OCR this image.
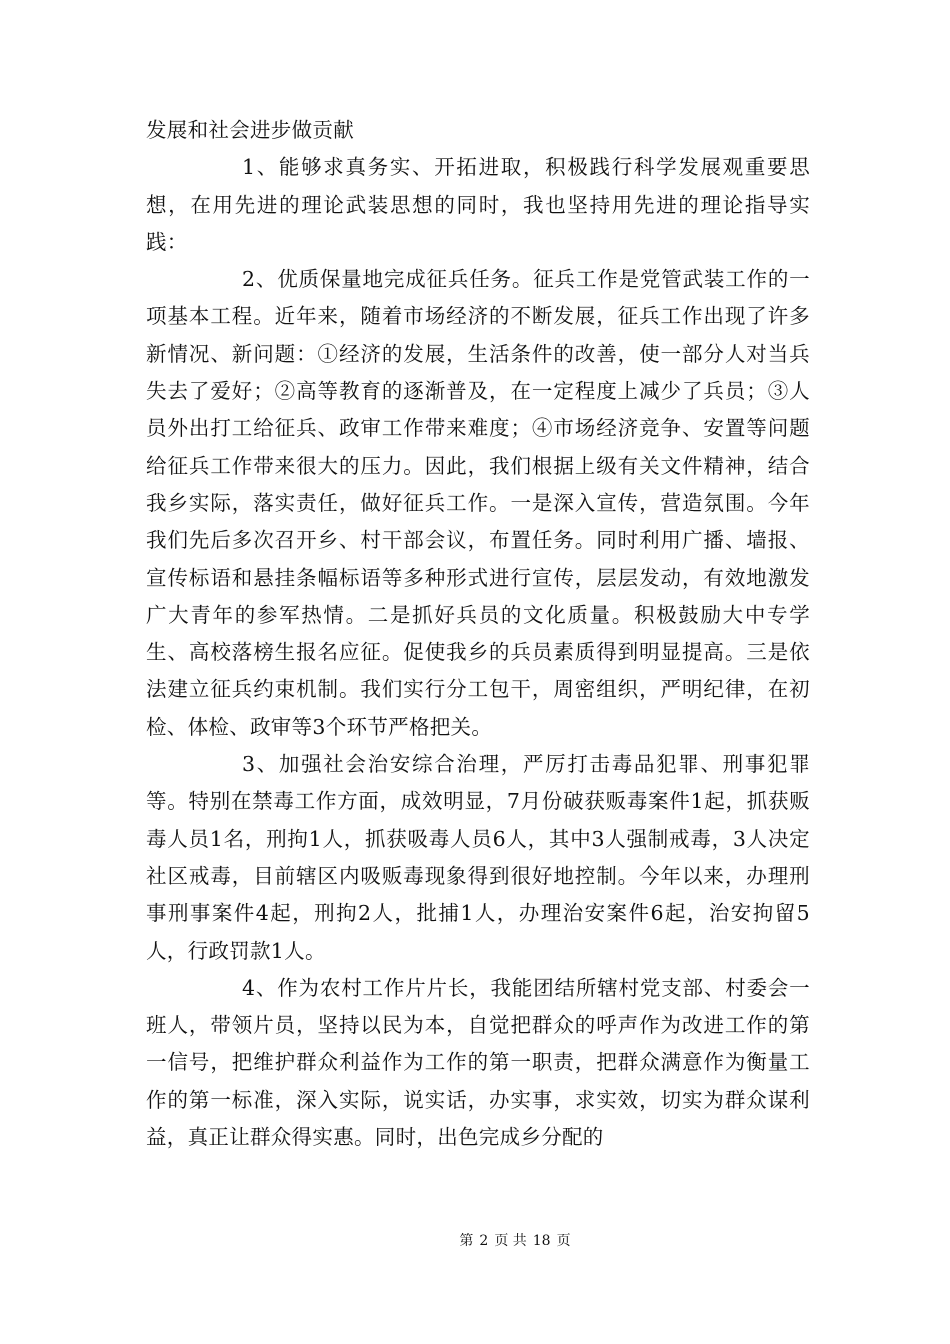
发展和社会进步做贡献

1、能够求真务实、开拓进取，积极践行科学发展观重要思想，在用先进的理论武装思想的同时，我也坚持用先进的理论指导实践：

2、优质保量地完成征兵任务。征兵工作是党管武装工作的一项基本工程。近年来，随着市场经济的不断发展，征兵工作出现了许多新情况、新问题：①经济的发展，生活条件的改善，使一部分人对当兵失去了爱好；②高等教育的逐渐普及，在一定程度上减少了兵员；③人员外出打工给征兵、政审工作带来难度；④市场经济竞争、安置等问题给征兵工作带来很大的压力。因此，我们根据上级有关文件精神，结合我乡实际，落实责任，做好征兵工作。一是深入宣传，营造氛围。今年我们先后多次召开乡、村干部会议，布置任务。同时利用广播、墙报、宣传标语和悬挂条幅标语等多种形式进行宣传，层层发动，有效地激发广大青年的参军热情。二是抓好兵员的文化质量。积极鼓励大中专学生、高校落榜生报名应征。促使我乡的兵员素质得到明显提高。三是依法建立征兵约束机制。我们实行分工包干，周密组织，严明纪律，在初检、体检、政审等3个环节严格把关。

3、加强社会治安综合治理，严厉打击毒品犯罪、刑事犯罪等。特别在禁毒工作方面，成效明显，7月份破获贩毒案件1起，抓获贩毒人员1名，刑拘1人，抓获吸毒人员6人，其中3人强制戒毒，3人决定社区戒毒，目前辖区内吸贩毒现象得到很好地控制。今年以来，办理刑事刑事案件4起，刑拘2人，批捕1人，办理治安案件6起，治安拘留5人，行政罚款1人。

4、作为农村工作片片长，我能团结所辖村党支部、村委会一班人，带领片员，坚持以民为本，自觉把群众的呼声作为改进工作的第一信号，把维护群众利益作为工作的第一职责，把群众满意作为衡量工作的第一标准，深入实际，说实话，办实事，求实效，切实为群众谋利益，真正让群众得实惠。同时，出色完成乡分配的

第 2 页 共 18 页
